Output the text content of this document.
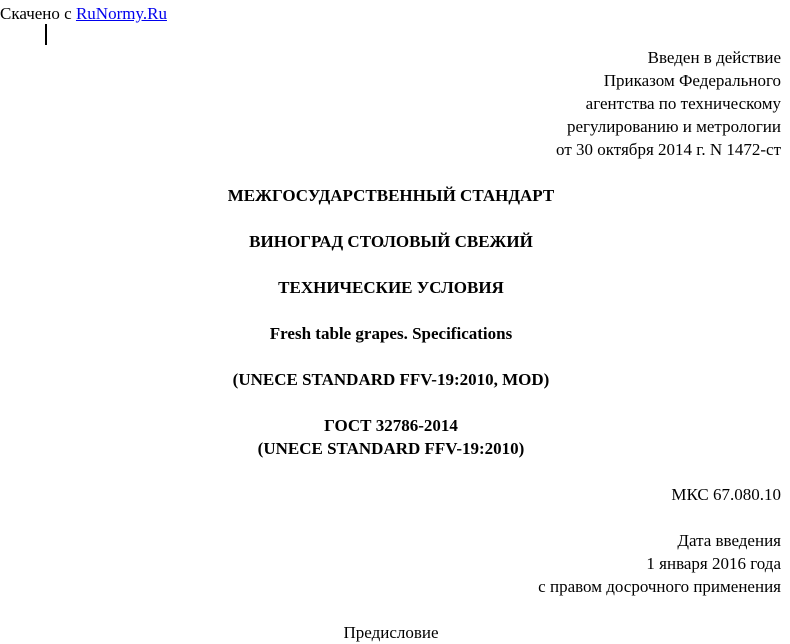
Скачено с RuNormy.Ru
Введен в действие
Приказом Федерального
агентства по техническому
регулированию и метрологии
от 30 октября 2014 г. N 1472-ст
МЕЖГОСУДАРСТВЕННЫЙ СТАНДАРТ
ВИНОГРАД СТОЛОВЫЙ СВЕЖИЙ
ТЕХНИЧЕСКИЕ УСЛОВИЯ
Fresh table grapes. Specifications
(UNECE STANDARD FFV-19:2010, MOD)
ГОСТ 32786-2014
(UNECE STANDARD FFV-19:2010)
МКС 67.080.10
Дата введения
1 января 2016 года
с правом досрочного применения
Предисловие
